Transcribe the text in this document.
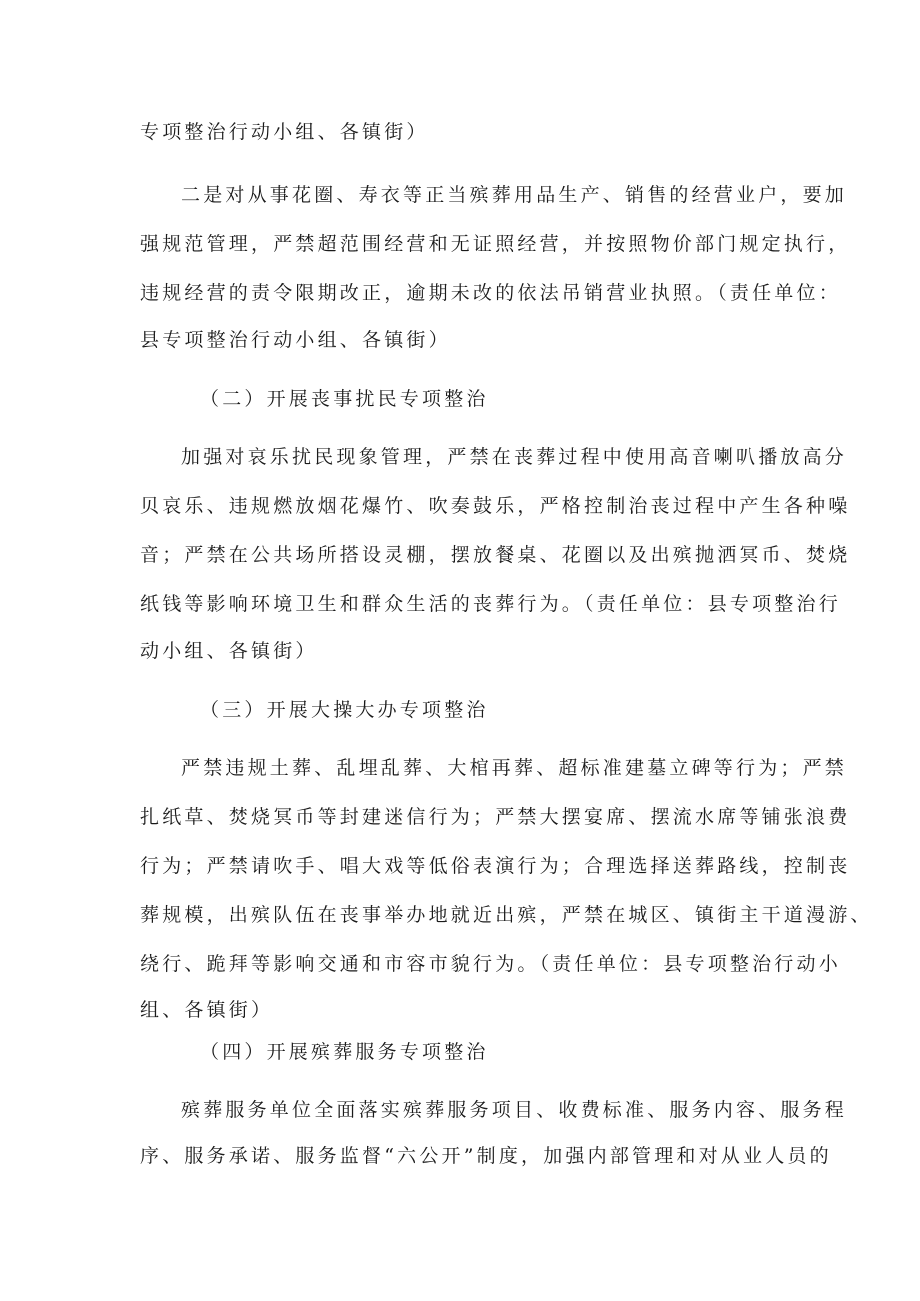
专项整治行动小组、各镇街）
二是对从事花圈、寿衣等正当殡葬用品生产、销售的经营业户，要加
强规范管理，严禁超范围经营和无证照经营，并按照物价部门规定执行，
违规经营的责令限期改正，逾期未改的依法吊销营业执照。（责任单位：
县专项整治行动小组、各镇街）
（二）开展丧事扰民专项整治
加强对哀乐扰民现象管理，严禁在丧葬过程中使用高音喇叭播放高分
贝哀乐、违规燃放烟花爆竹、吹奏鼓乐，严格控制治丧过程中产生各种噪
音；严禁在公共场所搭设灵棚，摆放餐桌、花圈以及出殡抛洒冥币、焚烧
纸钱等影响环境卫生和群众生活的丧葬行为。（责任单位：县专项整治行
动小组、各镇街）
（三）开展大操大办专项整治
严禁违规土葬、乱埋乱葬、大棺再葬、超标准建墓立碑等行为；严禁
扎纸草、焚烧冥币等封建迷信行为；严禁大摆宴席、摆流水席等铺张浪费
行为；严禁请吹手、唱大戏等低俗表演行为；合理选择送葬路线，控制丧
葬规模，出殡队伍在丧事举办地就近出殡，严禁在城区、镇街主干道漫游、
绕行、跪拜等影响交通和市容市貌行为。（责任单位：县专项整治行动小
组、各镇街）
（四）开展殡葬服务专项整治
殡葬服务单位全面落实殡葬服务项目、收费标准、服务内容、服务程
序、服务承诺、服务监督“六公开”制度，加强内部管理和对从业人员的
